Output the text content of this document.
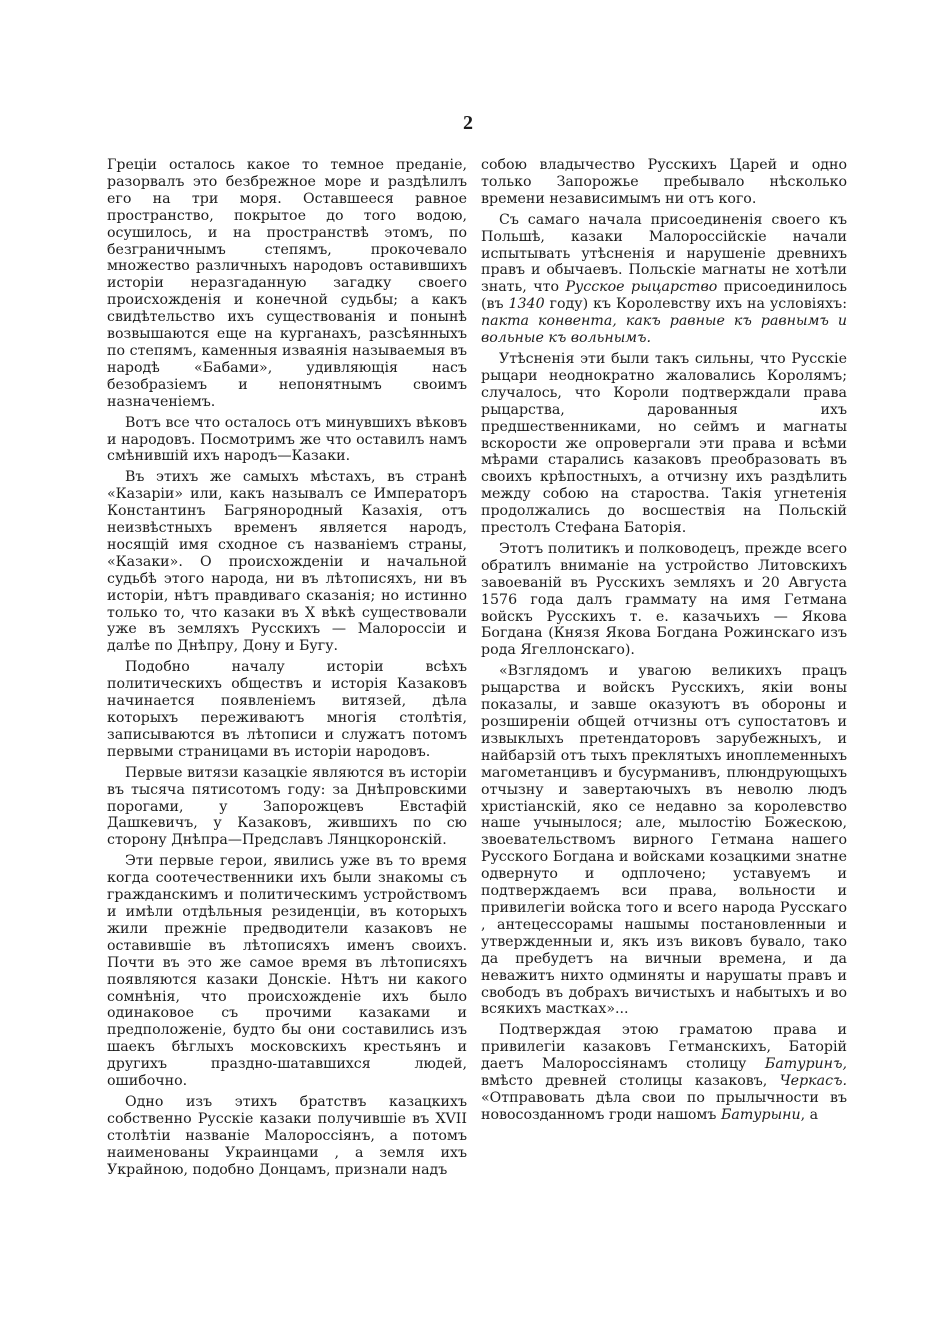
2

Греціи осталось какое то темное преданіе, разорвалъ это безбрежное море и раздѣлилъ его на три моря. Оставшееся равное пространство, покрытое до того водою, осушилось, и на пространствѣ этомъ, по безграничнымъ степямъ, прокочевало множество различныхъ народовъ оставившихъ исторіи неразгаданную загадку своего происхожденія и конечной судьбы; а какъ свидѣтельство ихъ существованія и понынѣ возвышаются еще на курганахъ, разсѣянныхъ по степямъ, каменныя изваянія называемыя въ народѣ «Бабами», удивляющія насъ безобразіемъ и непонятнымъ своимъ назначеніемъ.

Вотъ все что осталось отъ минувшихъ вѣковъ и народовъ. Посмотримъ же что оставилъ намъ смѣнившій ихъ народъ—Казаки.

Въ этихъ же самыхъ мѣстахъ, въ странѣ «Казаріи» или, какъ называлъ се Императоръ Константинъ Багрянородный Казахія, отъ неизвѣстныхъ временъ является народъ, носящій имя сходное съ названіемъ страны, «Казаки». О происхожденіи и начальной судьбѣ этого народа, ни въ лѣтописяхъ, ни въ исторіи, нѣтъ правдиваго сказанія; но истинно только то, что казаки въ X вѣкѣ существовали уже въ земляхъ Русскихъ — Малороссіи и далѣе по Днѣпру, Дону и Бугу.

Подобно началу исторіи всѣхъ политическихъ обществъ и исторія Казаковъ начинается появленіемъ витязей, дѣла которыхъ переживаютъ многія столѣтія, записываются въ лѣтописи и служатъ потомъ первыми страницами въ исторіи народовъ.

Первые витязи казацкіе являются въ исторіи въ тысяча пятисотомъ году: за Днѣпровскими порогами, у Запорожцевъ Евстафій Дашкевичъ, у Казаковъ, жившихъ по сю сторону Днѣпра—Предславъ Лянцкоронскій.

Эти первые герои, явились уже въ то время когда соотечественники ихъ были знакомы съ гражданскимъ и политическимъ устройствомъ и имѣли отдѣльныя резиденціи, въ которыхъ жили прежніе предводители казаковъ не оставившіе въ лѣтописяхъ именъ своихъ. Почти въ это же самое время въ лѣтописяхъ появляются казаки Донскіе. Нѣтъ ни какого сомнѣнія, что происхожденіе ихъ было одинаковое съ прочими казаками и предположеніе, будто бы они составились изъ шаекъ бѣглыхъ московскихъ крестьянъ и другихъ праздно-шатавшихся людей, ошибочно.

Одно изъ этихъ братствъ казацкихъ собственно Русскіе казаки получившіе въ XVII столѣтіи названіе Малороссіянъ, а потомъ наименованы Украинцами , а земля ихъ Украйною, подобно Донцамъ, признали надъ

собою владычество Русскихъ Царей и одно только Запорожье пребывало нѣсколько времени независимымъ ни отъ кого.

Съ самаго начала присоединенія своего къ Польшѣ, казаки Малороссійскіе начали испытывать утѣсненія и нарушеніе древнихъ правъ и обычаевъ. Польскіе магнаты не хотѣли знать, что Русское рыцарство присоединилось (въ 1340 году) къ Королевству ихъ на условіяхъ: пакта конвента, какъ равные къ равнымъ и вольные къ вольнымъ.

Утѣсненія эти были такъ сильны, что Русскіе рыцари неоднократно жаловались Королямъ; случалось, что Короли подтверждали права рыцарства, дарованныя ихъ предшественниками, но сеймъ и магнаты вскорости же опровергали эти права и всѣми мѣрами старались казаковъ преобразовать въ своихъ крѣпостныхъ, а отчизну ихъ раздѣлить между собою на староства. Такія угнетенія продолжались до восшествія на Польскій престолъ Стефана Баторія.

Этотъ политикъ и полководецъ, прежде всего обратилъ вниманіе на устройство Литовскихъ завоеваній въ Русскихъ земляхъ и 20 Августа 1576 года далъ граммату на имя Гетмана войскъ Русскихъ т. е. казачьихъ — Якова Богдана (Князя Якова Богдана Рожинскаго изъ рода Ягеллонскаго).

«Взглядомъ и увагою великихъ працъ рыцарства и войскъ Русскихъ, якіи воны показалы, и завше оказуютъ въ обороны и розширеніи общей отчизны отъ супостатовъ и извыклыхъ претендаторовъ зарубежныхъ, и найбарзій отъ тыхъ преклятыхъ иноплеменныхъ магометанцивъ и бусурманивъ, плюндрующыхъ отчызну и завертаючыхъ въ неволю людъ христіанскій, яко се недавно за королевство наше учынылося; але, мылостію Божескою, звоевательствомъ вирного Гетмана нашего Русского Богдана и войсками козацкими знатне одвернуто и одплочено; уставуемъ и подтверждаемъ вси права, вольности и привилегіи войска того и всего народа Русскаго , антецессорамы нашымы постановленныи и утвержденныи и, якъ изъ виковъ бувало, тако да пребудетъ на вичныи времена, и да неважитъ нихто одминяты и нарушаты правъ и свободъ въ добрахъ вичистыхъ и набытыхъ и во всякихъ мастках»...

Подтверждая этою граматою права и привилегіи казаковъ Гетманскихъ, Баторій даетъ Малороссіянамъ столицу Батуринъ, вмѣсто древней столицы казаковъ, Черкасъ. «Отправовать дѣла свои по прылычности въ новосозданномъ гроди нашомъ Батурыни, а
